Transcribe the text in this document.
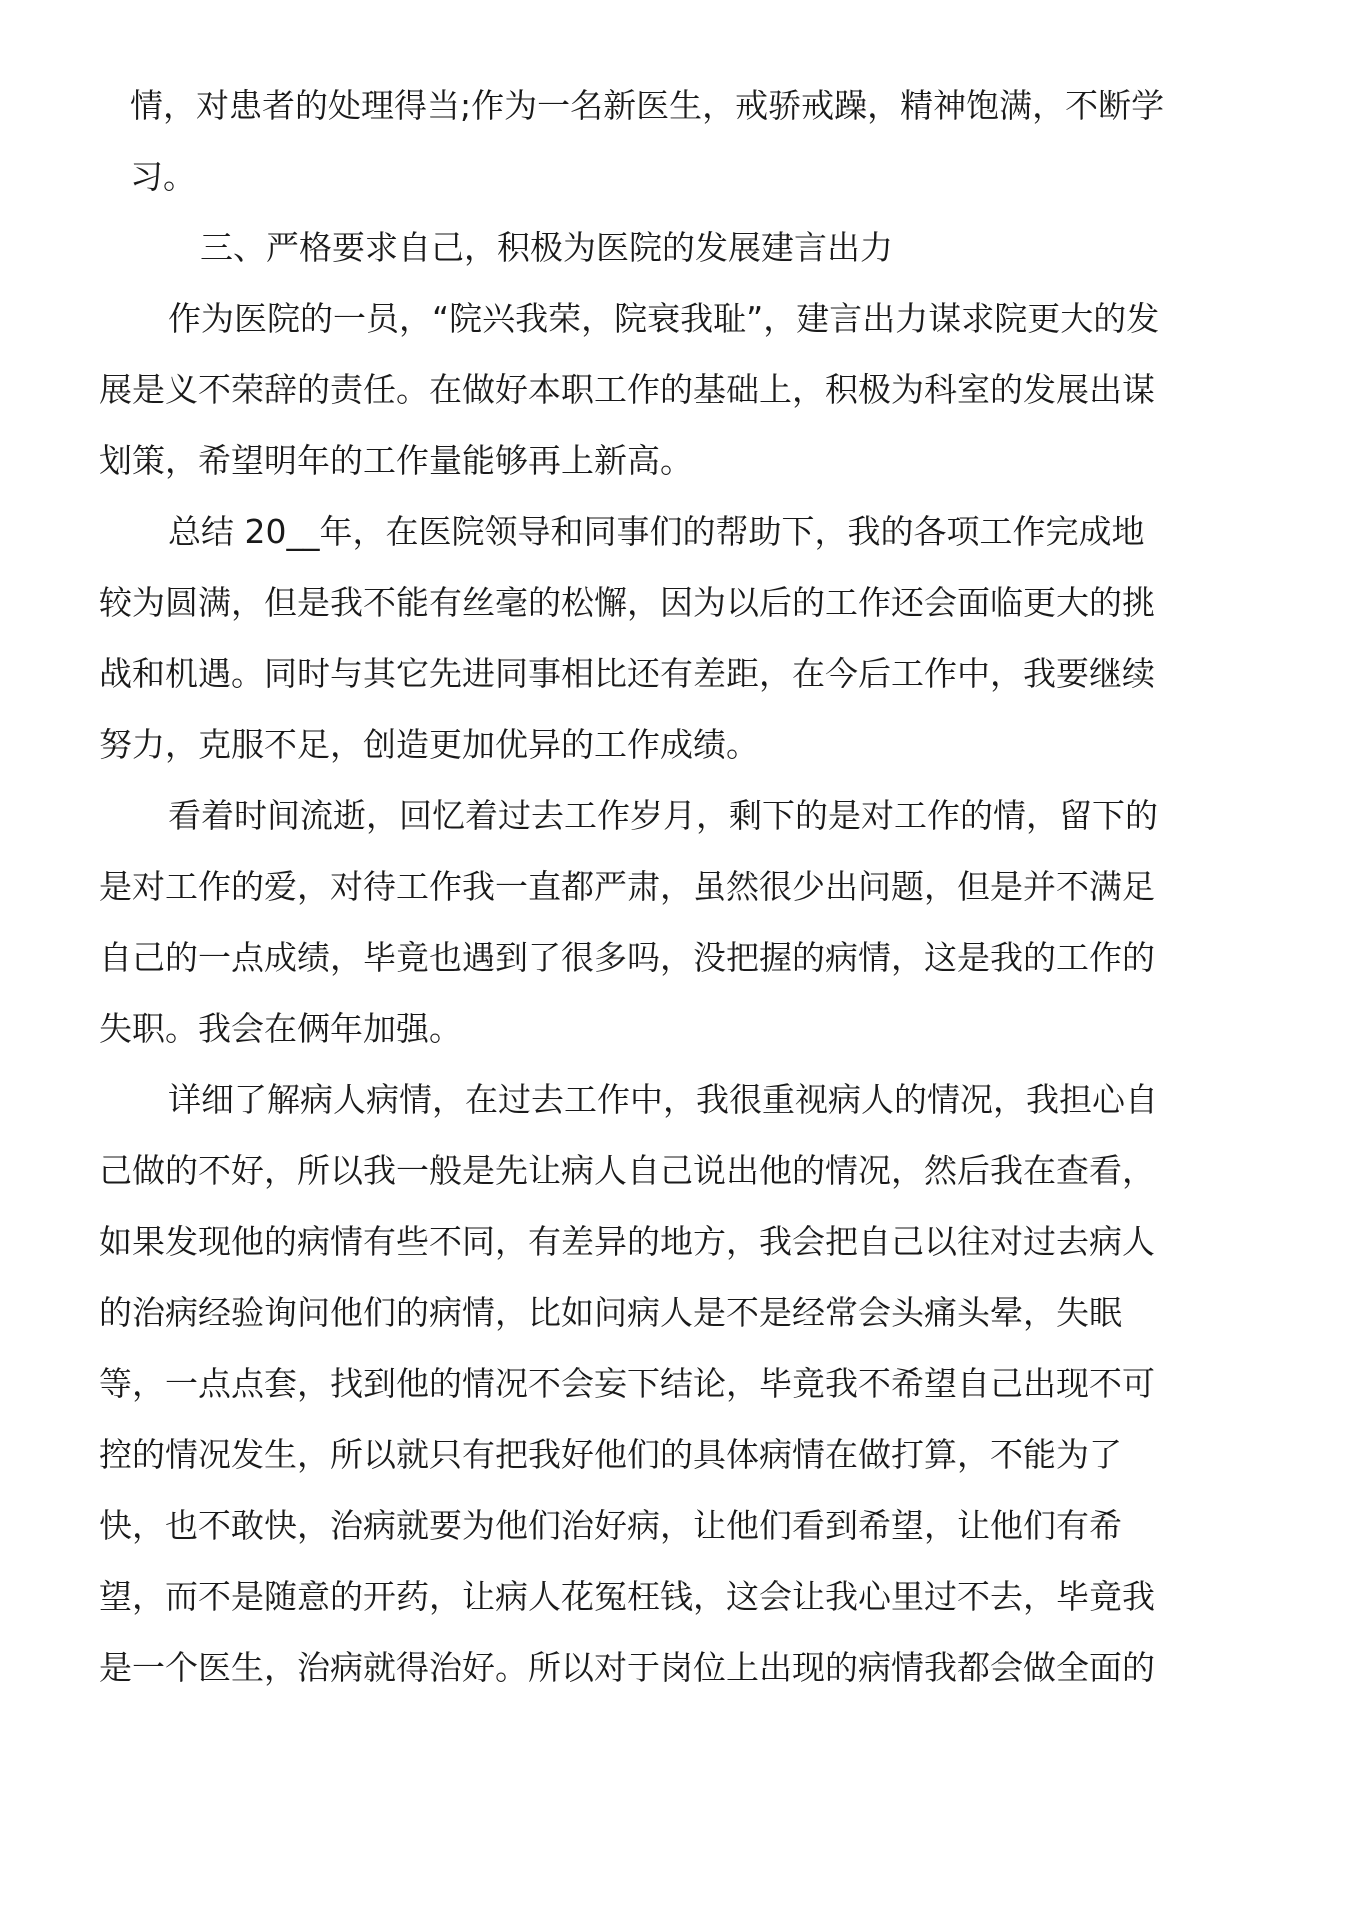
情，对患者的处理得当;作为一名新医生，戒骄戒躁，精神饱满，不断学
习。
三、严格要求自己，积极为医院的发展建言出力
作为医院的一员，“院兴我荣，院衰我耻”，建言出力谋求院更大的发
展是义不荣辞的责任。在做好本职工作的基础上，积极为科室的发展出谋
划策，希望明年的工作量能够再上新高。
总结 20__年，在医院领导和同事们的帮助下，我的各项工作完成地
较为圆满，但是我不能有丝毫的松懈，因为以后的工作还会面临更大的挑
战和机遇。同时与其它先进同事相比还有差距，在今后工作中，我要继续
努力，克服不足，创造更加优异的工作成绩。
看着时间流逝，回忆着过去工作岁月，剩下的是对工作的情，留下的
是对工作的爱，对待工作我一直都严肃，虽然很少出问题，但是并不满足
自己的一点成绩，毕竟也遇到了很多吗，没把握的病情，这是我的工作的
失职。我会在俩年加强。
详细了解病人病情，在过去工作中，我很重视病人的情况，我担心自
己做的不好，所以我一般是先让病人自己说出他的情况，然后我在查看，
如果发现他的病情有些不同，有差异的地方，我会把自己以往对过去病人
的治病经验询问他们的病情，比如问病人是不是经常会头痛头晕，失眠
等，一点点套，找到他的情况不会妄下结论，毕竟我不希望自己出现不可
控的情况发生，所以就只有把我好他们的具体病情在做打算，不能为了
快，也不敢快，治病就要为他们治好病，让他们看到希望，让他们有希
望，而不是随意的开药，让病人花冤枉钱，这会让我心里过不去，毕竟我
是一个医生，治病就得治好。所以对于岗位上出现的病情我都会做全面的
